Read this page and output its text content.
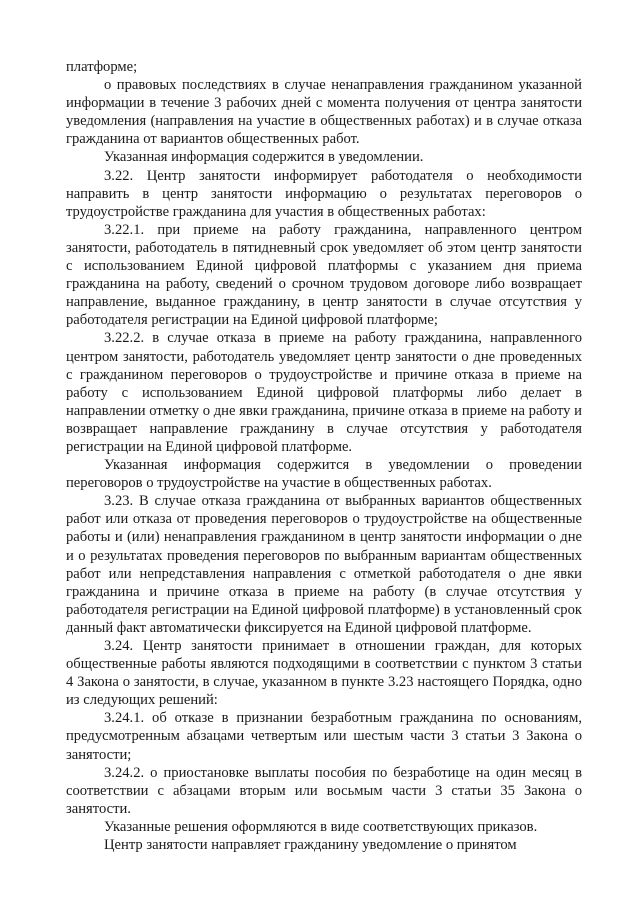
платформе;

о правовых последствиях в случае ненаправления гражданином указанной информации в течение 3 рабочих дней с момента получения от центра занятости уведомления (направления на участие в общественных работах) и в случае отказа гражданина от вариантов общественных работ.

Указанная информация содержится в уведомлении.

3.22. Центр занятости информирует работодателя о необходимости направить в центр занятости информацию о результатах переговоров о трудоустройстве гражданина для участия в общественных работах:

3.22.1. при приеме на работу гражданина, направленного центром занятости, работодатель в пятидневный срок уведомляет об этом центр занятости с использованием Единой цифровой платформы с указанием дня приема гражданина на работу, сведений о срочном трудовом договоре либо возвращает направление, выданное гражданину, в центр занятости в случае отсутствия у работодателя регистрации на Единой цифровой платформе;

3.22.2. в случае отказа в приеме на работу гражданина, направленного центром занятости, работодатель уведомляет центр занятости о дне проведенных с гражданином переговоров о трудоустройстве и причине отказа в приеме на работу с использованием Единой цифровой платформы либо делает в направлении отметку о дне явки гражданина, причине отказа в приеме на работу и возвращает направление гражданину в случае отсутствия у работодателя регистрации на Единой цифровой платформе.

Указанная информация содержится в уведомлении о проведении переговоров о трудоустройстве на участие в общественных работах.

3.23. В случае отказа гражданина от выбранных вариантов общественных работ или отказа от проведения переговоров о трудоустройстве на общественные работы и (или) ненаправления гражданином в центр занятости информации о дне и о результатах проведения переговоров по выбранным вариантам общественных работ или непредставления направления с отметкой работодателя о дне явки гражданина и причине отказа в приеме на работу (в случае отсутствия у работодателя регистрации на Единой цифровой платформе) в установленный срок данный факт автоматически фиксируется на Единой цифровой платформе.

3.24. Центр занятости принимает в отношении граждан, для которых общественные работы являются подходящими в соответствии с пунктом 3 статьи 4 Закона о занятости, в случае, указанном в пункте 3.23 настоящего Порядка, одно из следующих решений:

3.24.1. об отказе в признании безработным гражданина по основаниям, предусмотренным абзацами четвертым или шестым части 3 статьи 3 Закона о занятости;

3.24.2. о приостановке выплаты пособия по безработице на один месяц в соответствии с абзацами вторым или восьмым части 3 статьи 35 Закона о занятости.

Указанные решения оформляются в виде соответствующих приказов.

Центр занятости направляет гражданину уведомление о принятом
